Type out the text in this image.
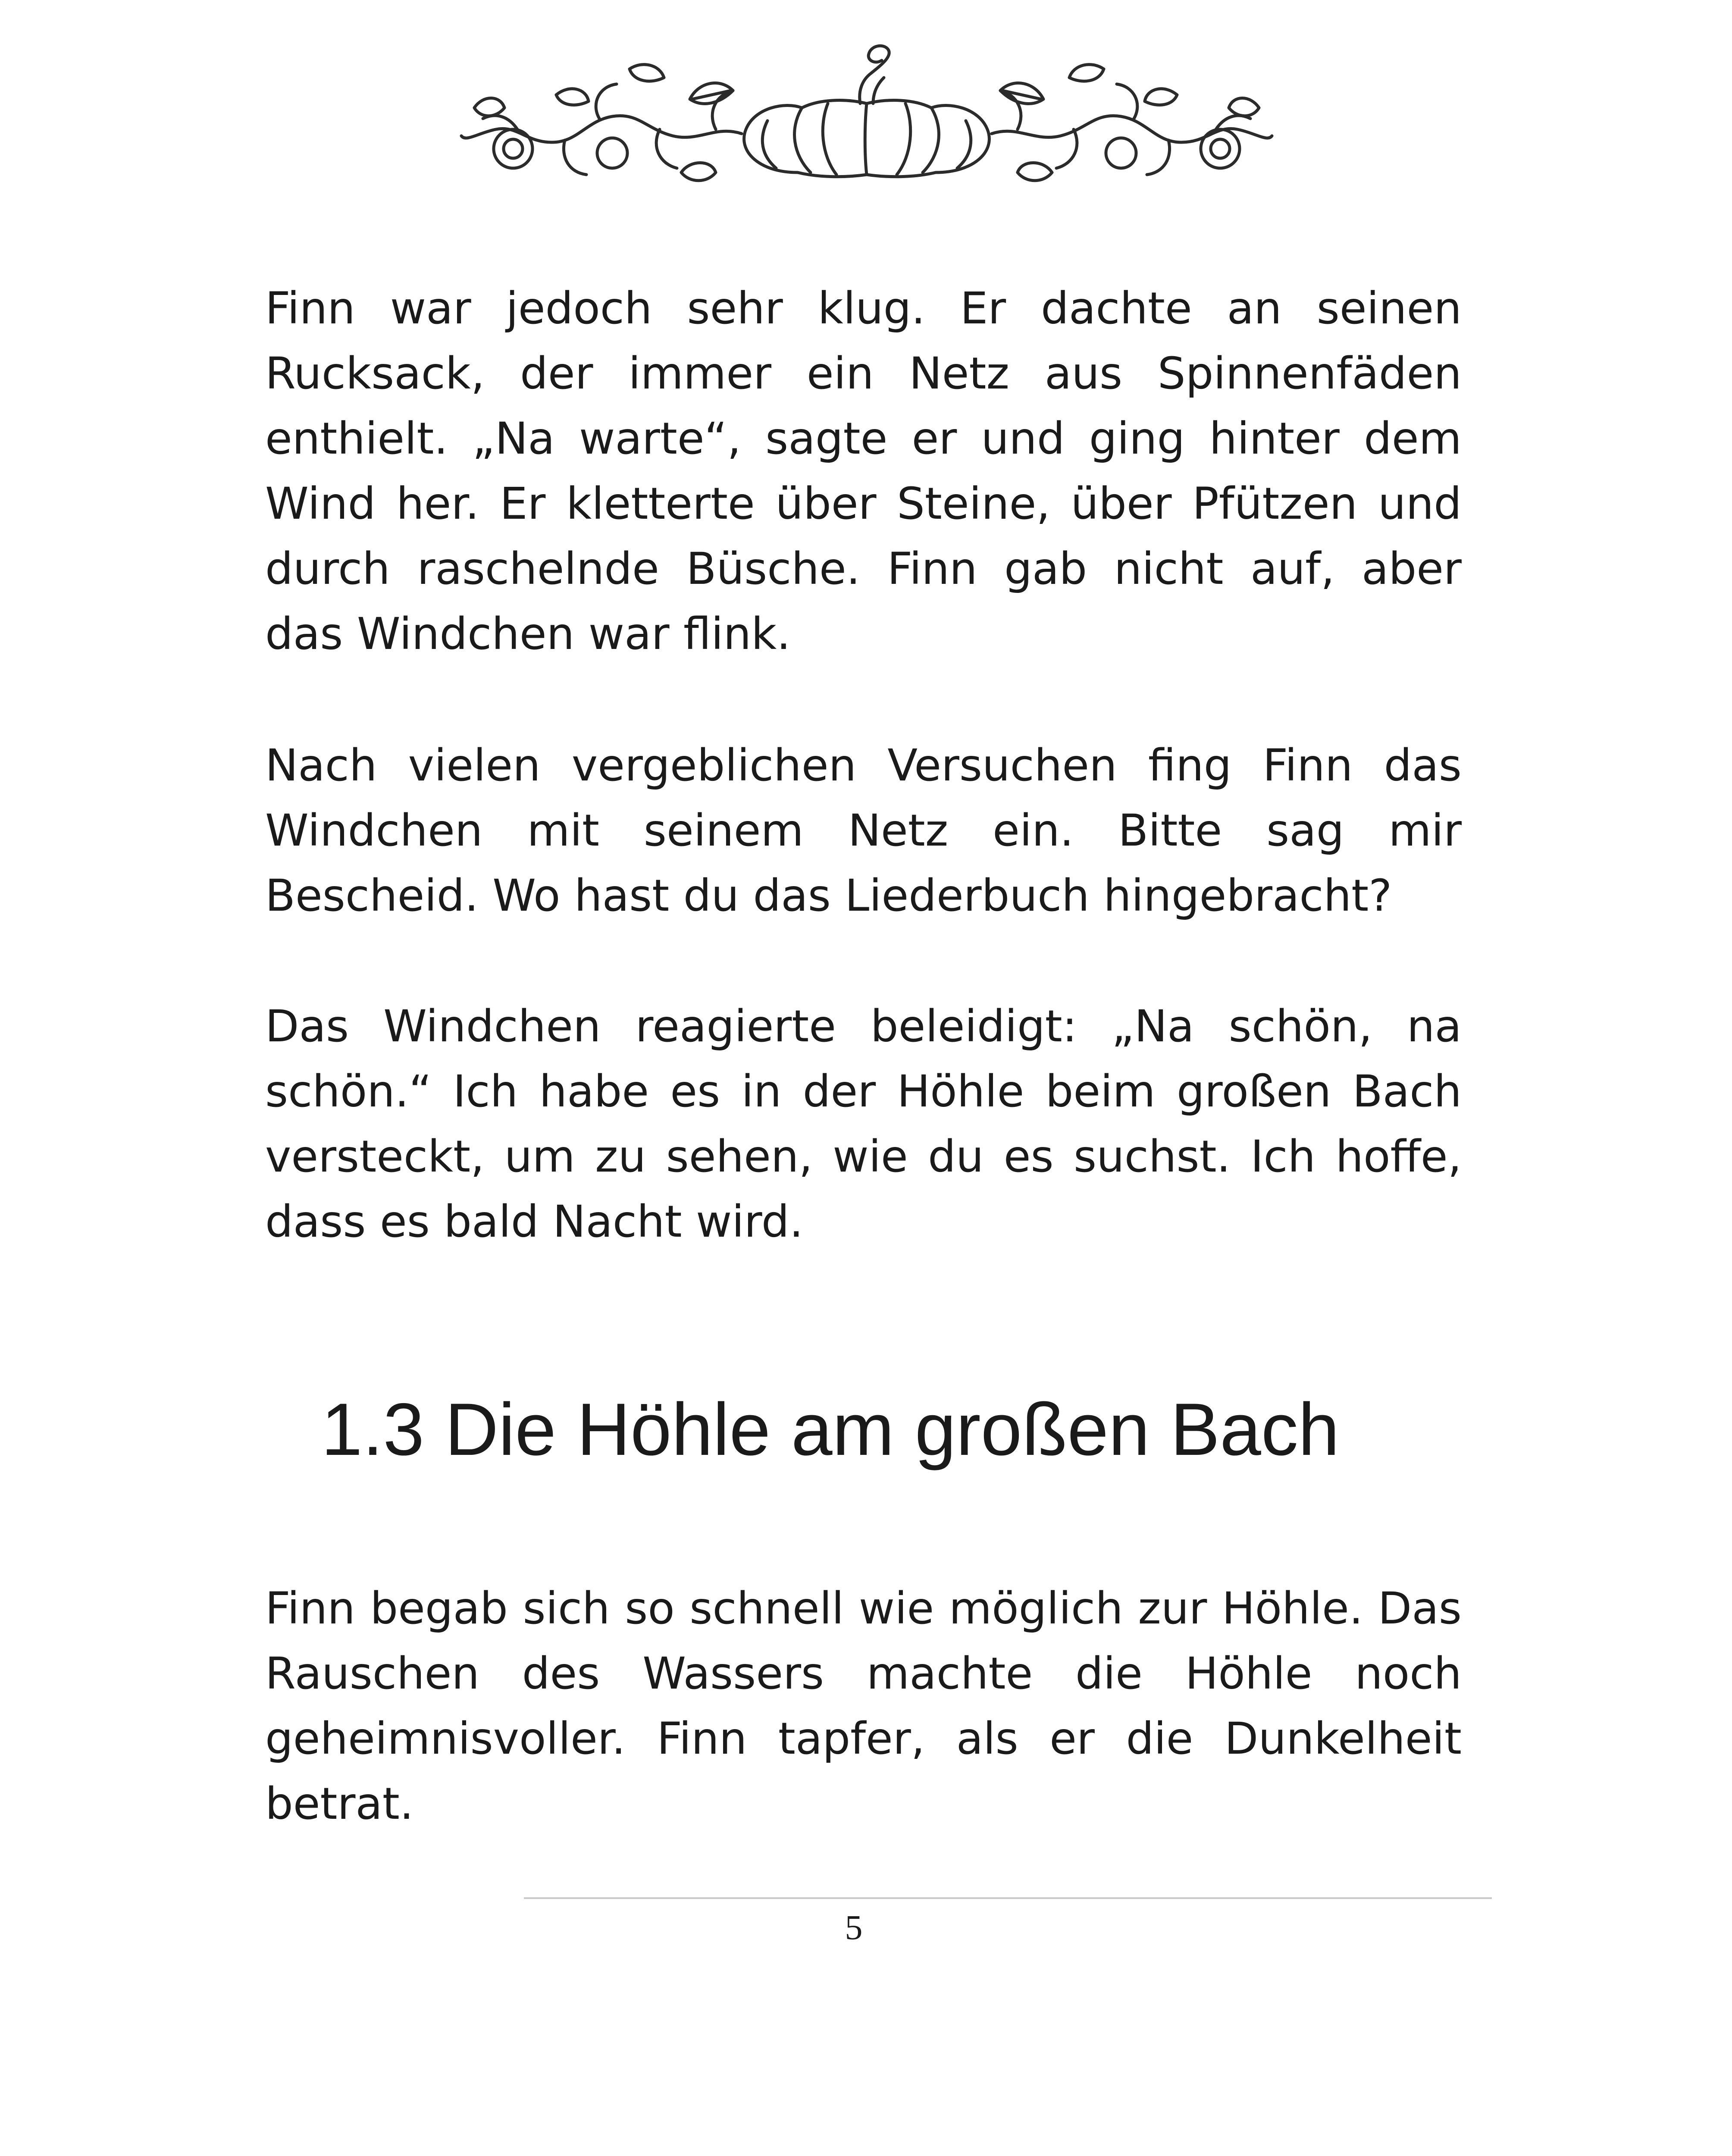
Finn war jedoch sehr klug. Er dachte an seinen Rucksack, der immer ein Netz aus Spinnenfäden enthielt. „Na warte“, sagte er und ging hinter dem Wind her. Er kletterte über Steine, über Pfützen und durch raschelnde Büsche. Finn gab nicht auf, aber das Windchen war flink.

Nach vielen vergeblichen Versuchen fing Finn das Windchen mit seinem Netz ein. Bitte sag mir Bescheid. Wo hast du das Liederbuch hingebracht?

Das Windchen reagierte beleidigt: „Na schön, na schön.“ Ich habe es in der Höhle beim großen Bach versteckt, um zu sehen, wie du es suchst. Ich hoffe, dass es bald Nacht wird.

1.3 Die Höhle am großen Bach

Finn begab sich so schnell wie möglich zur Höhle. Das Rauschen des Wassers machte die Höhle noch geheimnisvoller. Finn tapfer, als er die Dunkelheit betrat.

5
